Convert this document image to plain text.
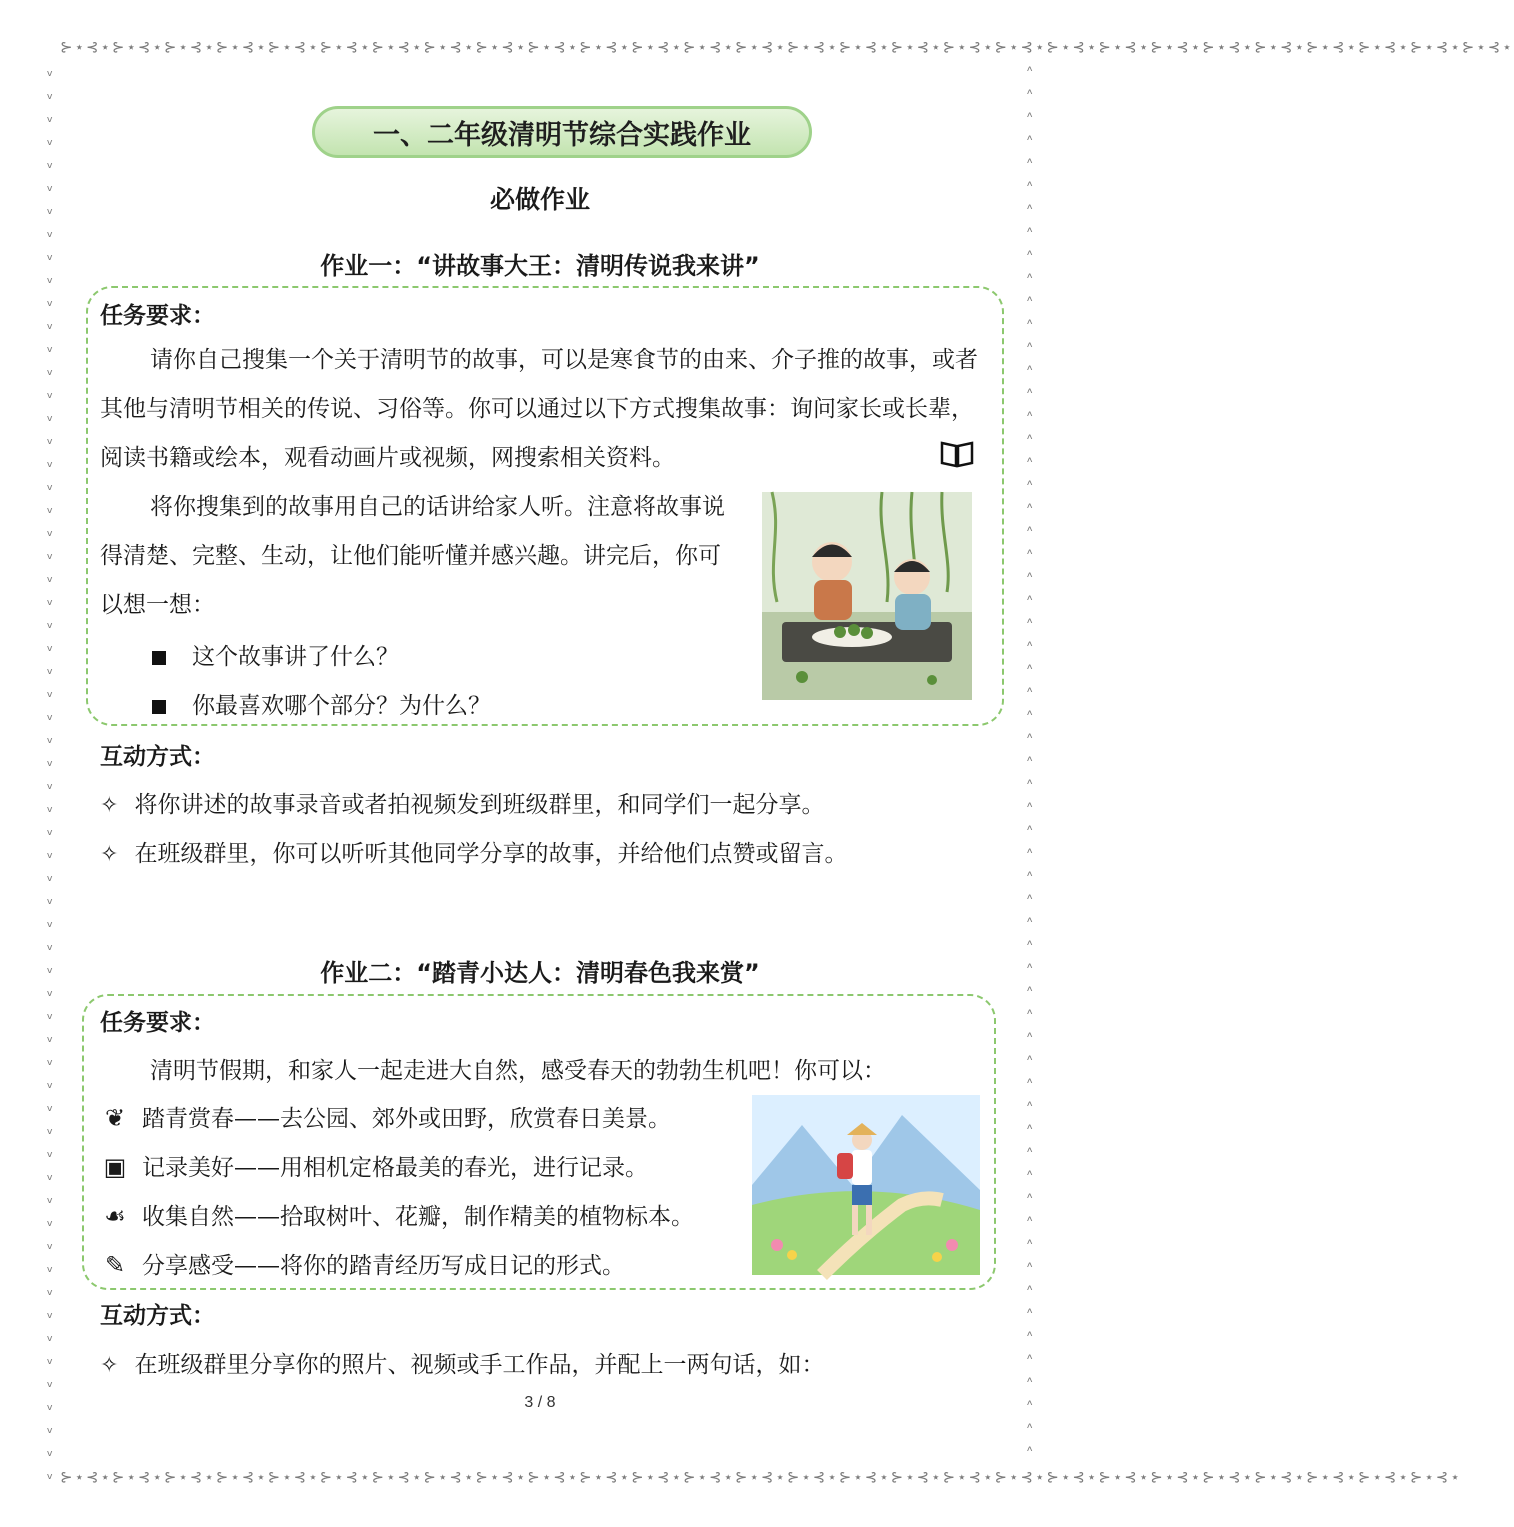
⊱⋆⊰⋆⊱⋆⊰⋆⊱⋆⊰⋆⊱⋆⊰⋆⊱⋆⊰⋆⊱⋆⊰⋆⊱⋆⊰⋆⊱⋆⊰⋆⊱⋆⊰⋆⊱⋆⊰⋆⊱⋆⊰⋆⊱⋆⊰⋆⊱⋆⊰⋆⊱⋆⊰⋆⊱⋆⊰⋆⊱⋆⊰⋆⊱⋆⊰⋆⊱⋆⊰⋆⊱⋆⊰⋆⊱⋆⊰⋆⊱⋆⊰⋆⊱⋆⊰⋆⊱⋆⊰⋆⊱⋆⊰⋆⊱⋆⊰⋆⊱⋆⊰⋆⊱⋆⊰⋆⊱⋆⊰⋆
⊱⋆⊰⋆⊱⋆⊰⋆⊱⋆⊰⋆⊱⋆⊰⋆⊱⋆⊰⋆⊱⋆⊰⋆⊱⋆⊰⋆⊱⋆⊰⋆⊱⋆⊰⋆⊱⋆⊰⋆⊱⋆⊰⋆⊱⋆⊰⋆⊱⋆⊰⋆⊱⋆⊰⋆⊱⋆⊰⋆⊱⋆⊰⋆⊱⋆⊰⋆⊱⋆⊰⋆⊱⋆⊰⋆⊱⋆⊰⋆⊱⋆⊰⋆⊱⋆⊰⋆⊱⋆⊰⋆⊱⋆⊰⋆⊱⋆⊰⋆⊱⋆⊰⋆⊱⋆⊰⋆
ᵥ
ᵥ
ᵥ
ᵥ
ᵥ
ᵥ
ᵥ
ᵥ
ᵥ
ᵥ
ᵥ
ᵥ
ᵥ
ᵥ
ᵥ
ᵥ
ᵥ
ᵥ
ᵥ
ᵥ
ᵥ
ᵥ
ᵥ
ᵥ
ᵥ
ᵥ
ᵥ
ᵥ
ᵥ
ᵥ
ᵥ
ᵥ
ᵥ
ᵥ
ᵥ
ᵥ
ᵥ
ᵥ
ᵥ
ᵥ
ᵥ
ᵥ
ᵥ
ᵥ
ᵥ
ᵥ
ᵥ
ᵥ
ᵥ
ᵥ
ᵥ
ᵥ
ᵥ
ᵥ
ᵥ
ᵥ
ᵥ
ᵥ
ᵥ
ᵥ
ᵥ
ᵥ
ᶺ
ᶺ
ᶺ
ᶺ
ᶺ
ᶺ
ᶺ
ᶺ
ᶺ
ᶺ
ᶺ
ᶺ
ᶺ
ᶺ
ᶺ
ᶺ
ᶺ
ᶺ
ᶺ
ᶺ
ᶺ
ᶺ
ᶺ
ᶺ
ᶺ
ᶺ
ᶺ
ᶺ
ᶺ
ᶺ
ᶺ
ᶺ
ᶺ
ᶺ
ᶺ
ᶺ
ᶺ
ᶺ
ᶺ
ᶺ
ᶺ
ᶺ
ᶺ
ᶺ
ᶺ
ᶺ
ᶺ
ᶺ
ᶺ
ᶺ
ᶺ
ᶺ
ᶺ
ᶺ
ᶺ
ᶺ
ᶺ
ᶺ
ᶺ
ᶺ
ᶺ
一、二年级清明节综合实践作业
必做作业
作业一：“讲故事大王：清明传说我来讲”
任务要求：
请你自己搜集一个关于清明节的故事，可以是寒食节的由来、介子推的故事，或者其他与清明节相关的传说、习俗等。你可以通过以下方式搜集故事：询问家长或长辈，阅读书籍或绘本，观看动画片或视频，网搜索相关资料。
将你搜集到的故事用自己的话讲给家人听。注意将故事说得清楚、完整、生动，让他们能听懂并感兴趣。讲完后，你可以想一想：
这个故事讲了什么？
你最喜欢哪个部分？为什么？
互动方式：
✧ 将你讲述的故事录音或者拍视频发到班级群里，和同学们一起分享。
✧ 在班级群里，你可以听听其他同学分享的故事，并给他们点赞或留言。
作业二：“踏青小达人：清明春色我来赏”
任务要求：
清明节假期，和家人一起走进大自然，感受春天的勃勃生机吧！你可以：
❦ 踏青赏春——去公园、郊外或田野，欣赏春日美景。
▣ 记录美好——用相机定格最美的春光，进行记录。
☙ 收集自然——拾取树叶、花瓣，制作精美的植物标本。
✎ 分享感受——将你的踏青经历写成日记的形式。
互动方式：
✧ 在班级群里分享你的照片、视频或手工作品，并配上一两句话，如：
3 / 8
